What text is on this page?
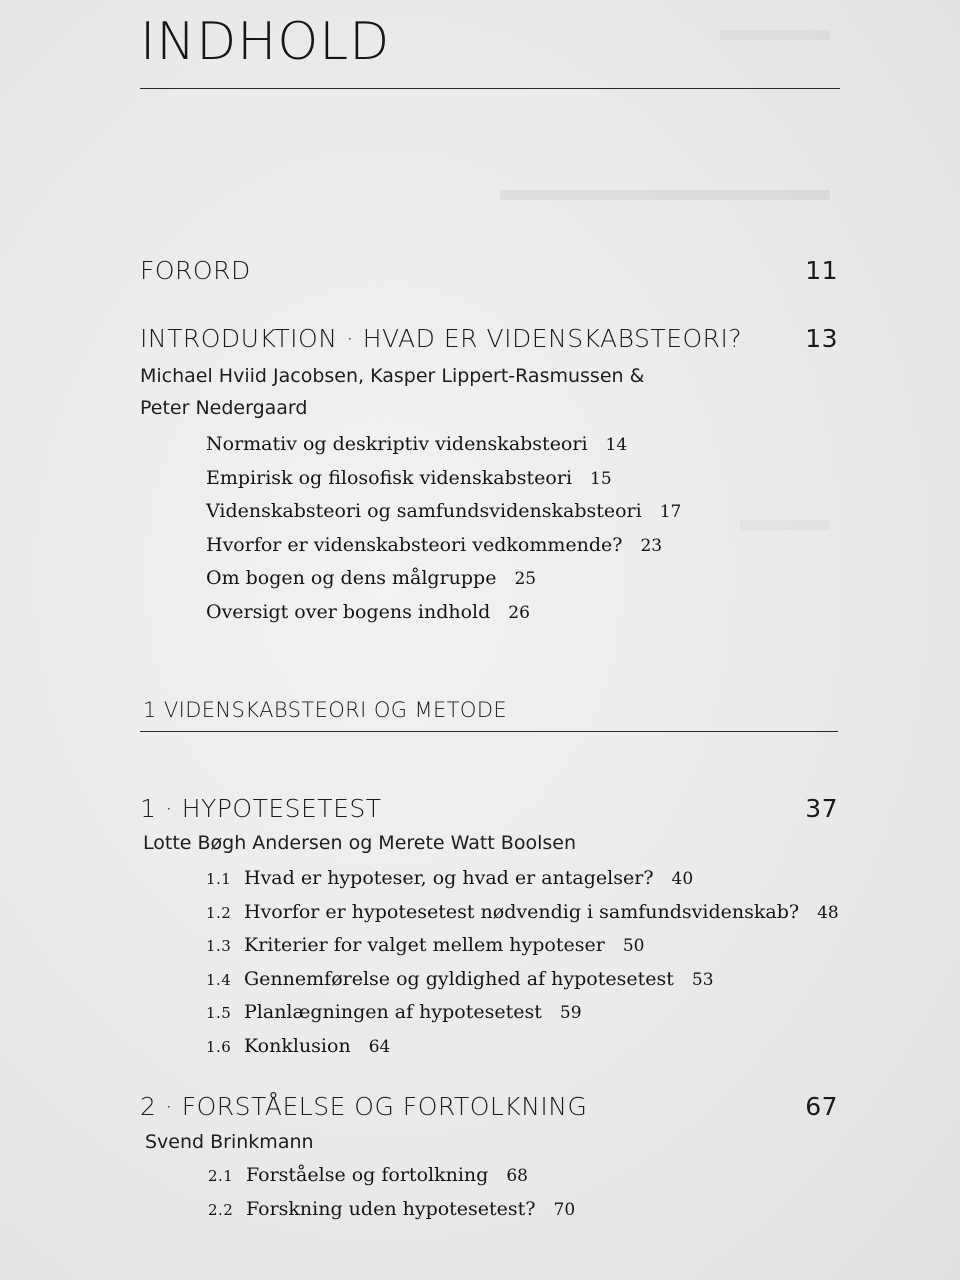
INDHOLD
FORORD	11
INTRODUKTION · HVAD ER VIDENSKABSTEORI?	13
Michael Hviid Jacobsen, Kasper Lippert-Rasmussen &
Peter Nedergaard
Normativ og deskriptiv videnskabsteori 14
Empirisk og filosofisk videnskabsteori 15
Videnskabsteori og samfundsvidenskabsteori 17
Hvorfor er videnskabsteori vedkommende? 23
Om bogen og dens målgruppe 25
Oversigt over bogens indhold 26
1 VIDENSKABSTEORI OG METODE
1 · HYPOTESETEST	37
Lotte Bøgh Andersen og Merete Watt Boolsen
1.1 Hvad er hypoteser, og hvad er antagelser? 40
1.2 Hvorfor er hypotesetest nødvendig i samfundsvidenskab? 48
1.3 Kriterier for valget mellem hypoteser 50
1.4 Gennemførelse og gyldighed af hypotesetest 53
1.5 Planlægningen af hypotesetest 59
1.6 Konklusion 64
2 · FORSTÅELSE OG FORTOLKNING	67
Svend Brinkmann
2.1 Forståelse og fortolkning 68
2.2 Forskning uden hypotesetest? 70
